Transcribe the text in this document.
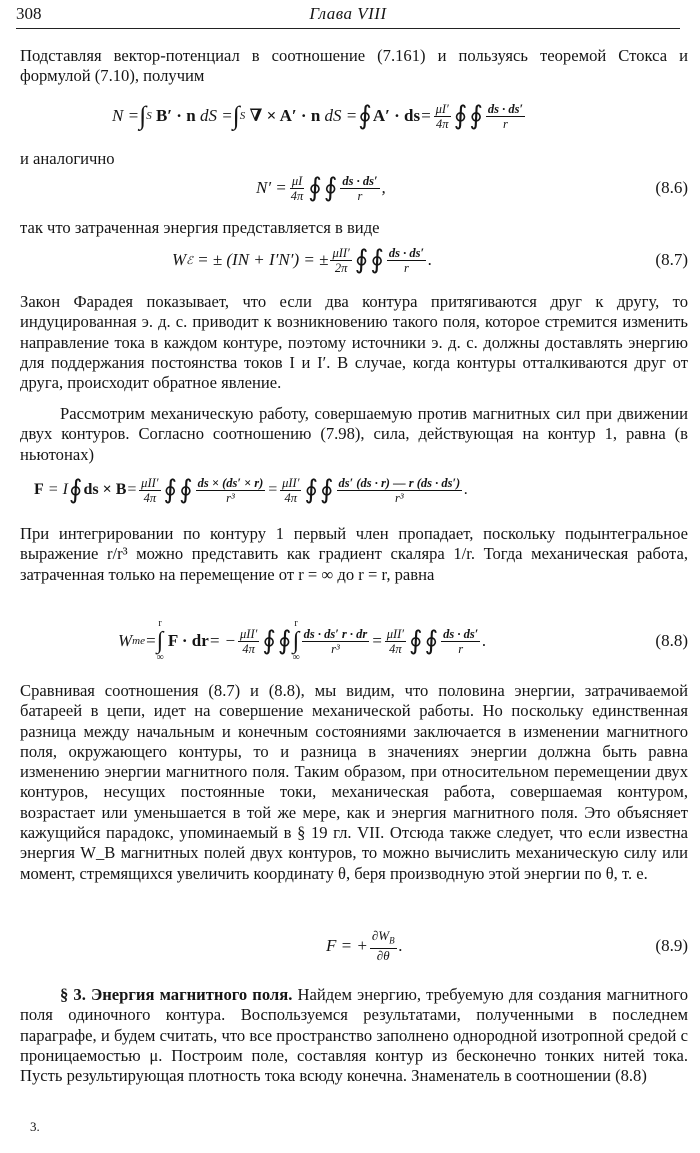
308	Глава VIII

Подставляя вектор-потенциал в соотношение (7.161) и пользуясь теоремой Стокса и формулой (7.10), получим

N = ∫ S B′ · n dS = ∫ S ∇ × A′ · n dS = ∮ A′ · ds = $\frac{\mu I'}{4\pi}$ ∮ ∮ $\frac{ds \cdot ds'}{r}$

и аналогично

$N' = \frac{\mu I}{4\pi}$ ∮ ∮ $\frac{ds \cdot ds'}{r}$ ,	(8.6)

так что затраченная энергия представляется в виде

W ℰ = ± (IN + I′N′) = ± $\frac{\text{μII′}}{2\pi}$ ∮ ∮ $\frac{ds \cdot ds'}{r}$ .	(8.7)

Закон Фарадея показывает, что если два контура притягиваются друг к другу, то индуцированная э. д. с. приводит к возникновению такого поля, которое стремится изменить направление тока в каждом контуре, поэтому источники э. д. с. должны доставлять энергию для поддержания постоянства токов I и I′. В случае, когда контуры отталкиваются друг от друга, происходит обратное явление.

Рассмотрим механическую работу, совершаемую против магнитных сил при движении двух контуров. Согласно соотношению (7.98), сила, действующая на контур 1, равна (в ньютонах)

F = I ∮ ds × $B = \frac{\text{μII′}}{4\pi}$ ∮ ∮ $\frac{ds \times (ds' \times r)}{\text{r³}} = \frac{\text{μII′}}{4\pi}$ ∮ ∮ $\frac{ds' (ds \cdot r) — r (ds \cdot ds')}{\text{r³}}$ .

При интегрировании по контуру 1 первый член пропадает, поскольку подынтегральное выражение r/r³ можно представить как градиент скаляра 1/r. Тогда механическая работа, затраченная только на перемещение от r = ∞ до r = r, равна

W me =
r
∫
∞
F · dr = − $\frac{\text{μII′}}{4\pi}$ ∮ ∮
r
∫
∞
$\frac{ds \cdot ds' r \cdot dr}{\text{r³}} = \frac{\text{μII′}}{4\pi}$ ∮ ∮ $\frac{ds \cdot ds'}{r}$ .	(8.8)

Сравнивая соотношения (8.7) и (8.8), мы видим, что половина энергии, затрачиваемой батареей в цепи, идет на совершение механической работы. Но поскольку единственная разница между начальным и конечным состояниями заключается в изменении магнитного поля, окружающего контуры, то и разница в значениях энергии должна быть равна изменению энергии магнитного поля. Таким образом, при относительном перемещении двух контуров, несущих постоянные токи, механическая работа, совершаемая контуром, возрастает или уменьшается в той же мере, как и энергия магнитного поля. Это объясняет кажущийся парадокс, упоминаемый в § 19 гл. VII. Отсюда также следует, что если известна энергия W_B магнитных полей двух контуров, то можно вычислить механическую силу или момент, стремящихся увеличить координату θ, беря производную этой энергии по θ, т. е.

F = + $\frac{\partial W_B}{\partial\theta}$ .	(8.9)

§ 3. Энергия магнитного поля. Найдем энергию, требуемую для создания магнитного поля одиночного контура. Воспользуемся результатами, полученными в последнем параграфе, и будем считать, что все пространство заполнено однородной изотропной средой с проницаемостью μ. Построим поле, составляя контур из бесконечно тонких нитей тока. Пусть результирующая плотность тока всюду конечна. Знаменатель в соотношении (8.8)

3.
